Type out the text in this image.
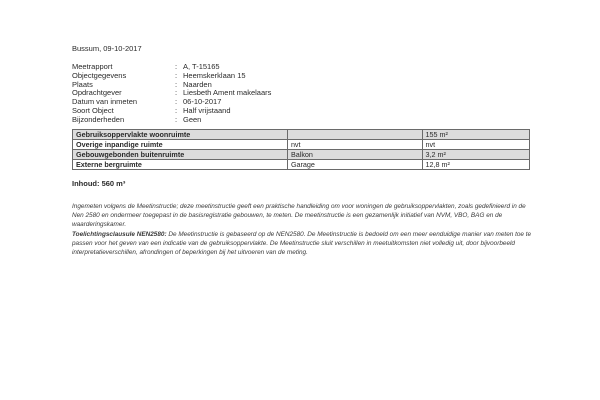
Bussum, 09-10-2017
Meetrapport	: A, T-15165
Objectgegevens	: Heemskerklaan 15
Plaats	: Naarden
Opdrachtgever	: Liesbeth Ament makelaars
Datum van inmeten	: 06-10-2017
Soort Object	: Half vrijstaand
Bijzonderheden	: Geen
Gebruiksoppervlakte woonruimte		155 m²
Overige inpandige ruimte	nvt	nvt
Gebouwgebonden buitenruimte	Balkon	3,2 m²
Externe bergruimte	Garage	12,8 m²
Inhoud: 560 m³

Ingemeten volgens de Meetinstructie; deze meetinstructie geeft een praktische handleiding om voor woningen de gebruiksoppervlakten, zoals gedefinieerd in de Nen 2580 en ondermeer toegepast in de basisregistratie gebouwen, te meten. De meetinstructie is een gezamenlijk initiatief van NVM, VBO, BAG en de waarderingskamer.

Toelichtingsclausule NEN2580: De Meetinstructie is gebaseerd op de NEN2580. De Meetinstructie is bedoeld om een meer eenduidige manier van meten toe te passen voor het geven van een indicatie van de gebruiksoppervlakte. De Meetinstructie sluit verschillen in meetuitkomsten niet volledig uit, door bijvoorbeeld interpretatieverschillen, afrondingen of beperkingen bij het uitvoeren van de meting.
